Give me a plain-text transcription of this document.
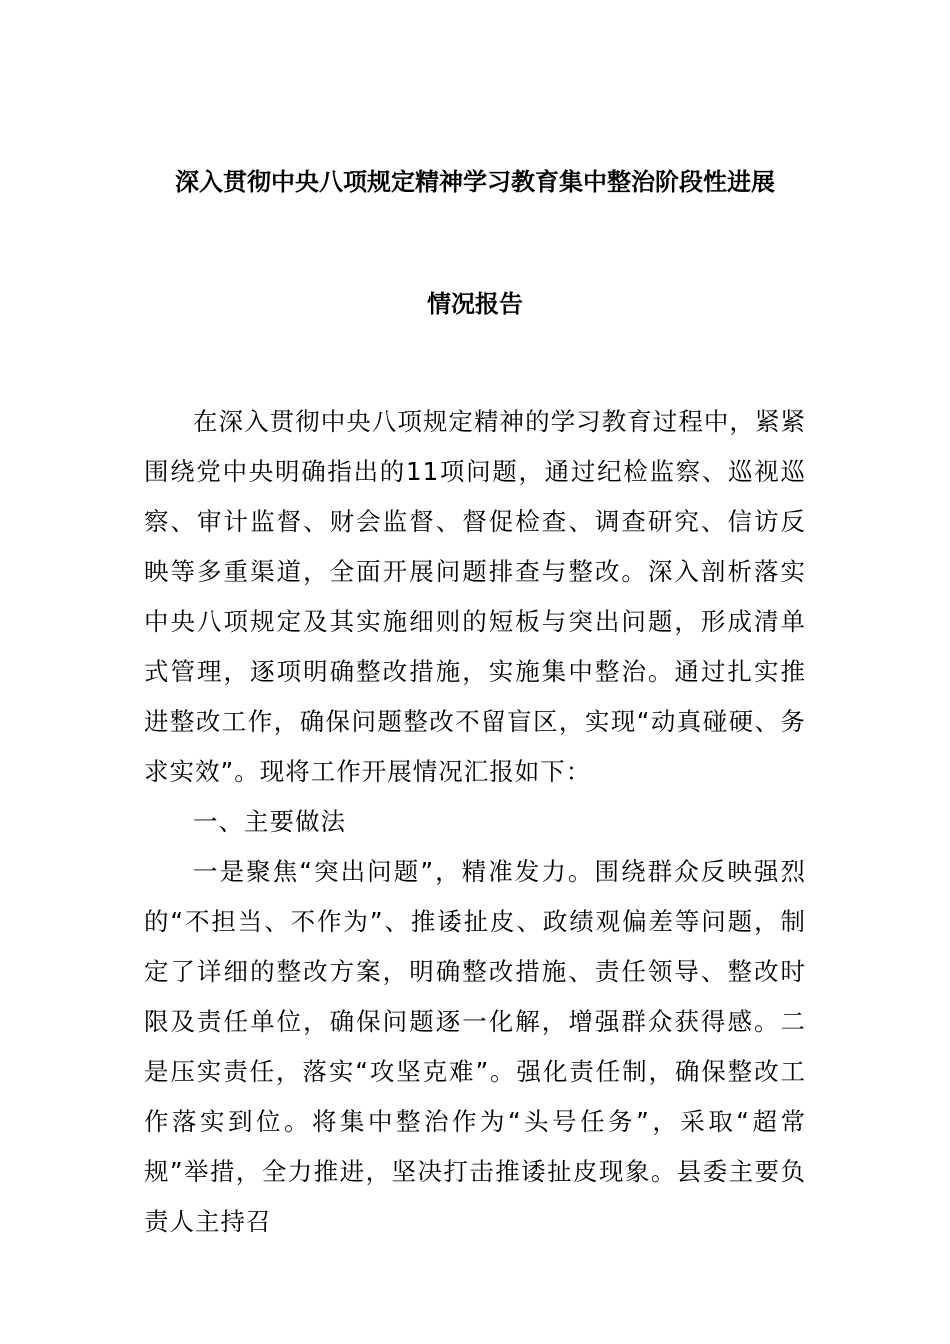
深入贯彻中央八项规定精神学习教育集中整治阶段性进展
情况报告

在深入贯彻中央八项规定精神的学习教育过程中，紧紧围绕党中央明确指出的11项问题，通过纪检监察、巡视巡察、审计监督、财会监督、督促检查、调查研究、信访反映等多重渠道，全面开展问题排查与整改。深入剖析落实中央八项规定及其实施细则的短板与突出问题，形成清单式管理，逐项明确整改措施，实施集中整治。通过扎实推进整改工作，确保问题整改不留盲区，实现“动真碰硬、务求实效”。现将工作开展情况汇报如下：

一、主要做法

一是聚焦“突出问题”，精准发力。围绕群众反映强烈的“不担当、不作为”、推诿扯皮、政绩观偏差等问题，制定了详细的整改方案，明确整改措施、责任领导、整改时限及责任单位，确保问题逐一化解，增强群众获得感。二是压实责任，落实“攻坚克难”。强化责任制，确保整改工作落实到位。将集中整治作为“头号任务”，采取“超常规”举措，全力推进，坚决打击推诿扯皮现象。县委主要负责人主持召
